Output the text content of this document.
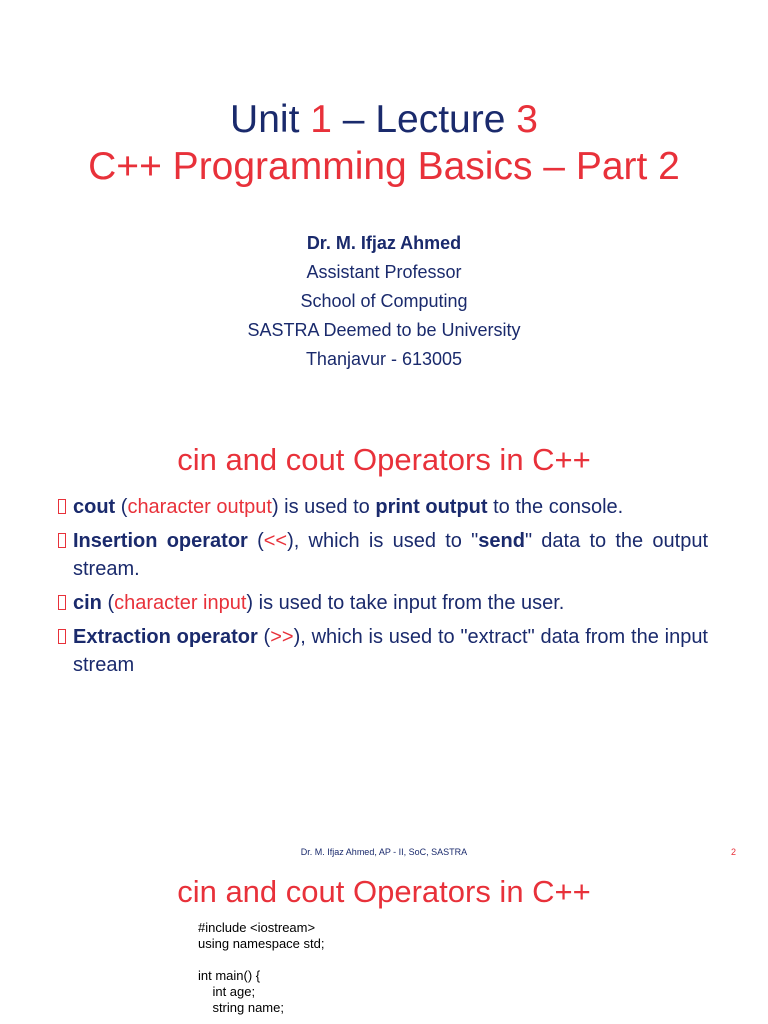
Unit 1 – Lecture 3
C++ Programming Basics – Part 2
Dr. M. Ifjaz Ahmed
Assistant Professor
School of Computing
SASTRA Deemed to be University
Thanjavur - 613005
cin and cout Operators in C++
cout (character output) is used to print output to the console.
Insertion operator (<<), which is used to "send" data to the output stream.
cin (character input) is used to take input from the user.
Extraction operator (>>), which is used to "extract" data from the input stream
Dr. M. Ifjaz Ahmed, AP - II, SoC, SASTRA	2
cin and cout Operators in C++
#include <iostream>
using namespace std;

int main() {
int age;
string name;
